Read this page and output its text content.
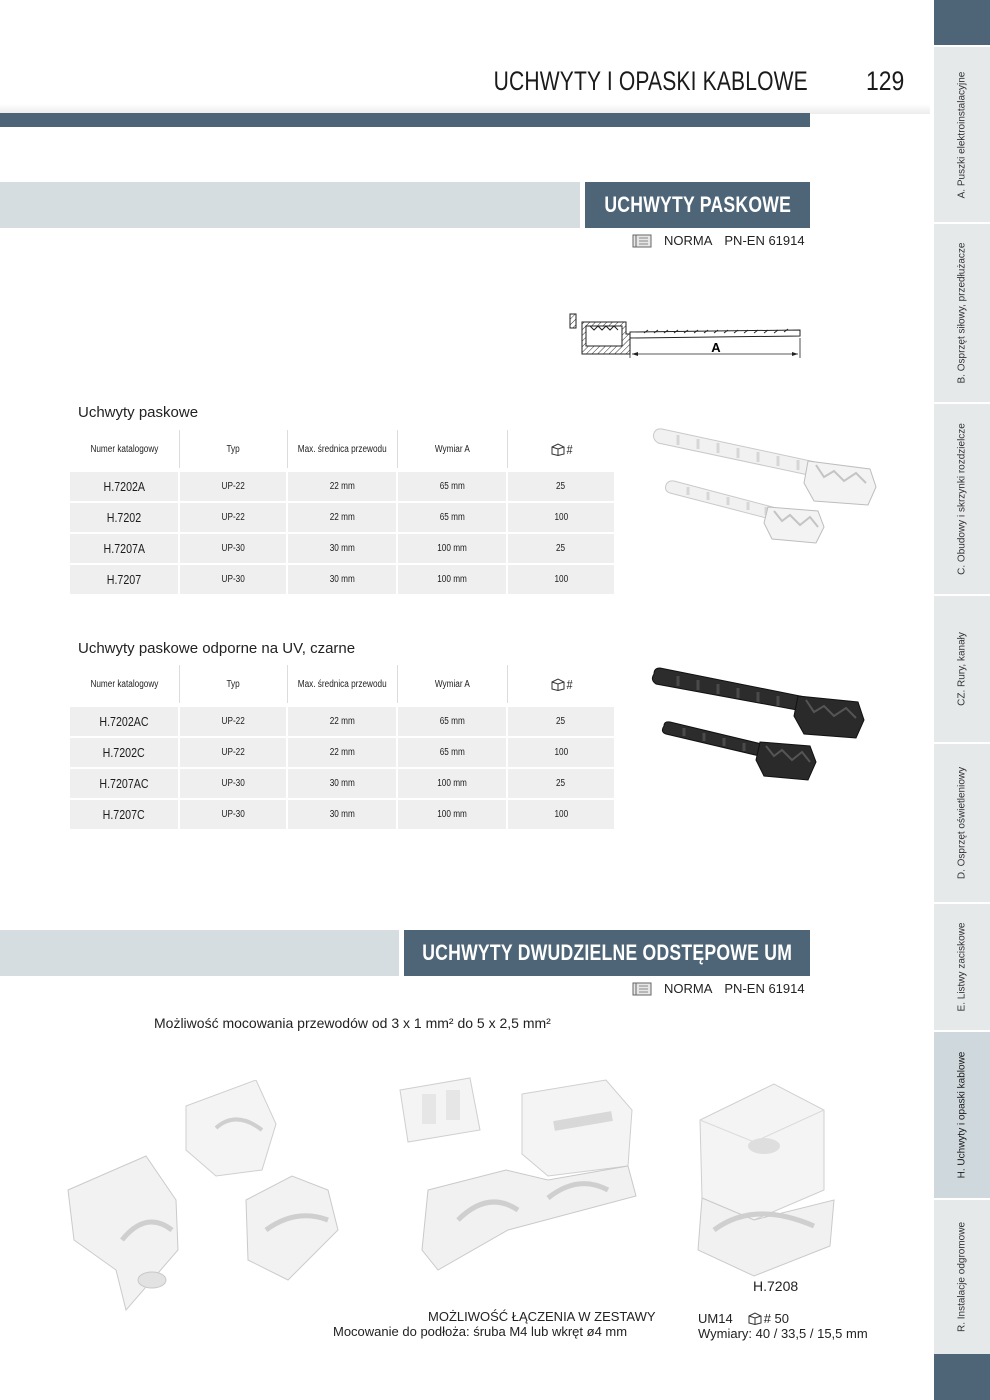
UCHWYTY I OPASKI KABLOWE 129
UCHWYTY PASKOWE
NORMA PN-EN 61914
A
Uchwyty paskowe
Numer katalogowy	Typ	Max. średnica przewodu	Wymiar A	#
H.7202A	UP-22	22 mm	65 mm	25
H.7202	UP-22	22 mm	65 mm	100
H.7207A	UP-30	30 mm	100 mm	25
H.7207	UP-30	30 mm	100 mm	100
Uchwyty paskowe odporne na UV, czarne
Numer katalogowy	Typ	Max. średnica przewodu	Wymiar A	#
H.7202AC	UP-22	22 mm	65 mm	25
H.7202C	UP-22	22 mm	65 mm	100
H.7207AC	UP-30	30 mm	100 mm	25
H.7207C	UP-30	30 mm	100 mm	100
UCHWYTY DWUDZIELNE ODSTĘPOWE UM
NORMA PN-EN 61914
Możliwość mocowania przewodów od 3 x 1 mm² do 5 x 2,5 mm²
H.7208
MOŻLIWOŚĆ ŁĄCZENIA W ZESTAWY
Mocowanie do podłoża: śruba M4 lub wkręt ø4 mm
UM14 # 50
Wymiary: 40 / 33,5 / 15,5 mm
A. Puszki elektroinstalacyjne
B. Osprzęt siłowy, przedłużacze
C. Obudowy i skrzynki rozdzielcze
CZ. Rury, kanały
D. Osprzęt oświetleniowy
E. Listwy zaciskowe
H. Uchwyty i opaski kablowe
R. Instalacje odgromowe
